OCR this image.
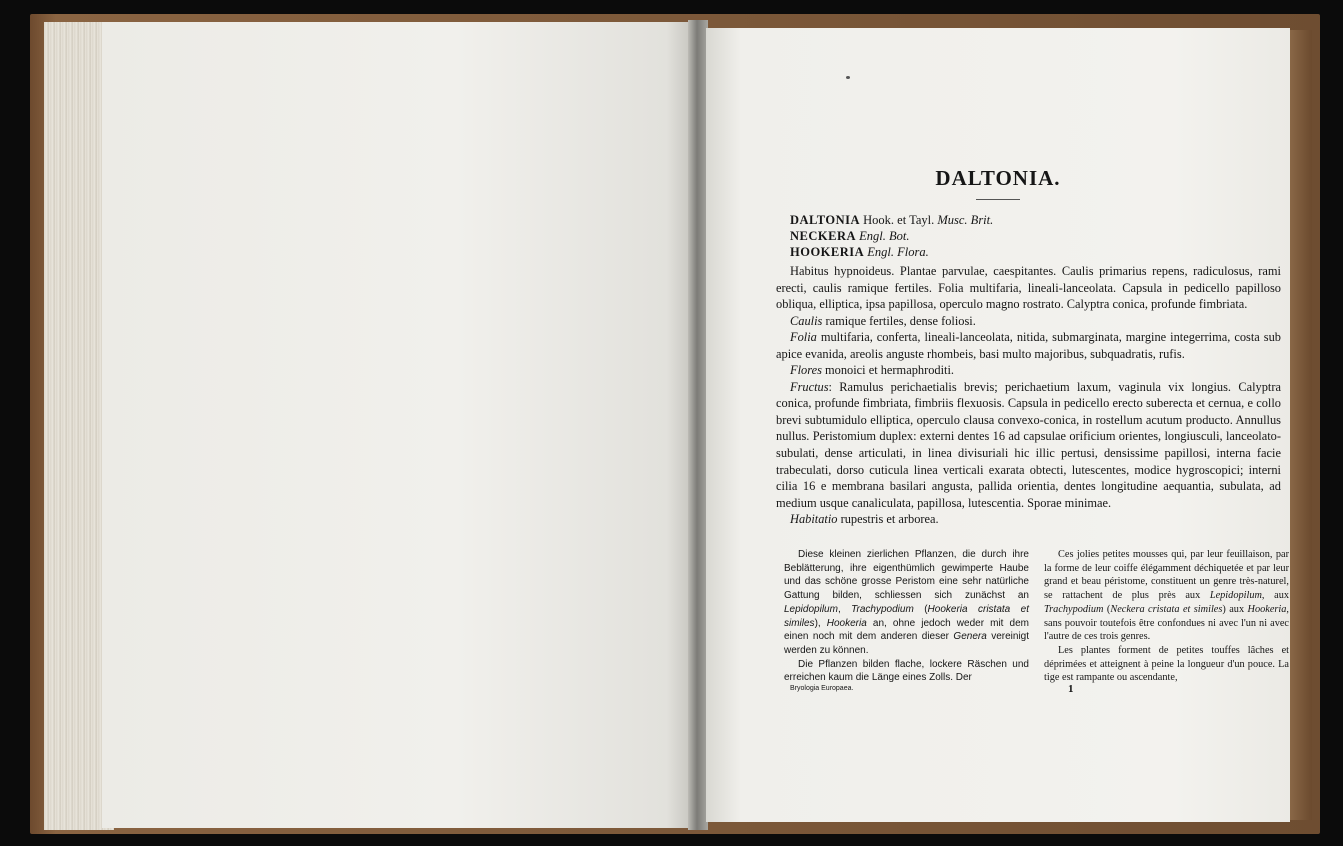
DALTONIA.
DALTONIA Hook. et Tayl. Musc. Brit.
NECKERA Engl. Bot.
HOOKERIA Engl. Flora.

Habitus hypnoideus. Plantae parvulae, caespitantes. Caulis primarius repens, radiculosus, rami erecti, caulis ramique fertiles. Folia multifaria, lineali-lanceolata. Capsula in pedicello papilloso obliqua, elliptica, ipsa papillosa, operculo magno rostrato. Calyptra conica, profunde fimbriata.

Caulis ramique fertiles, dense foliosi.

Folia multifaria, conferta, lineali-lanceolata, nitida, submarginata, margine integerrima, costa sub apice evanida, areolis anguste rhombeis, basi multo majoribus, subquadratis, rufis.

Flores monoici et hermaphroditi.

Fructus: Ramulus perichaetialis brevis; perichaetium laxum, vaginula vix longius. Calyptra conica, profunde fimbriata, fimbriis flexuosis. Capsula in pedicello erecto suberecta et cernua, e collo brevi subtumidulo elliptica, operculo clausa convexo-conica, in rostellum acutum producto. Annullus nullus. Peristomium duplex: externi dentes 16 ad capsulae orificium orientes, longiusculi, lanceolato-subulati, dense articulati, in linea divisuriali hic illic pertusi, densissime papillosi, interna facie trabeculati, dorso cuticula linea verticali exarata obtecti, lutescentes, modice hygroscopici; interni cilia 16 e membrana basilari angusta, pallida orientia, dentes longitudine aequantia, subulata, ad medium usque canaliculata, papillosa, lutescentia. Sporae minimae.

Habitatio rupestris et arborea.

Diese kleinen zierlichen Pflanzen, die durch ihre Beblätterung, ihre eigenthümlich gewimperte Haube und das schöne grosse Peristom eine sehr natürliche Gattung bilden, schliessen sich zunächst an Lepidopilum, Trachypodium (Hookeria cristata et similes), Hookeria an, ohne jedoch weder mit dem einen noch mit dem anderen dieser Genera vereinigt werden zu können.

Die Pflanzen bilden flache, lockere Räschen und erreichen kaum die Länge eines Zolls. Der

Ces jolies petites mousses qui, par leur feuillaison, par la forme de leur coiffe élégamment déchiquetée et par leur grand et beau péristome, constituent un genre très-naturel, se rattachent de plus près aux Lepidopilum, aux Trachypodium (Neckera cristata et similes) aux Hookeria, sans pouvoir toutefois être confondues ni avec l'un ni avec l'autre de ces trois genres.

Les plantes forment de petites touffes lâches et déprimées et atteignent à peine la longueur d'un pouce. La tige est rampante ou ascendante,

Bryologia Europaea.	1
